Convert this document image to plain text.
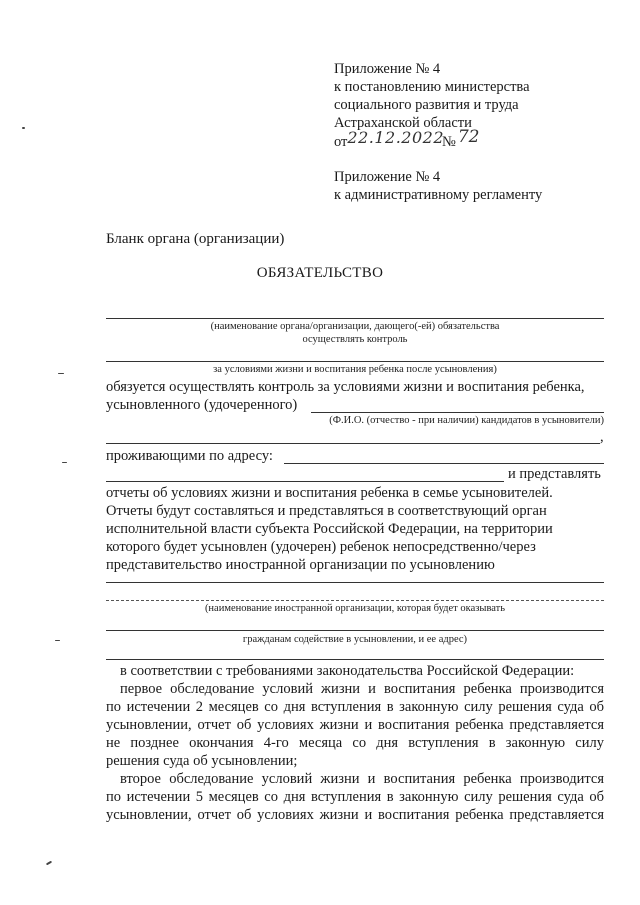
Приложение № 4
к постановлению министерства
социального развития и труда
Астраханской области
от22.12.2022№ 72
Приложение № 4
к административному регламенту
Бланк органа (организации)
ОБЯЗАТЕЛЬСТВО
(наименование органа/организации, дающего(-ей) обязательства
осуществлять контроль
за условиями жизни и воспитания ребенка после усыновления)
обязуется осуществлять контроль за условиями жизни и воспитания ребенка,
усыновленного (удочеренного)
(Ф.И.О. (отчество - при наличии) кандидатов в усыновители)
,
проживающими по адресу:
и представлять
отчеты об условиях жизни и воспитания ребенка в семье усыновителей.
Отчеты будут составляться и представляться в соответствующий орган
исполнительной власти субъекта Российской Федерации, на территории
которого будет усыновлен (удочерен) ребенок непосредственно/через
представительство иностранной организации по усыновлению
(наименование иностранной организации, которая будет оказывать
гражданам содействие в усыновлении, и ее адрес)
в соответствии с требованиями законодательства Российской Федерации:
первое обследование условий жизни и воспитания ребенка производится
по истечении 2 месяцев со дня вступления в законную силу решения суда об
усыновлении, отчет об условиях жизни и воспитания ребенка представляется
не позднее окончания 4-го месяца со дня вступления в законную силу
решения суда об усыновлении;
второе обследование условий жизни и воспитания ребенка производится
по истечении 5 месяцев со дня вступления в законную силу решения суда об
усыновлении, отчет об условиях жизни и воспитания ребенка представляется
